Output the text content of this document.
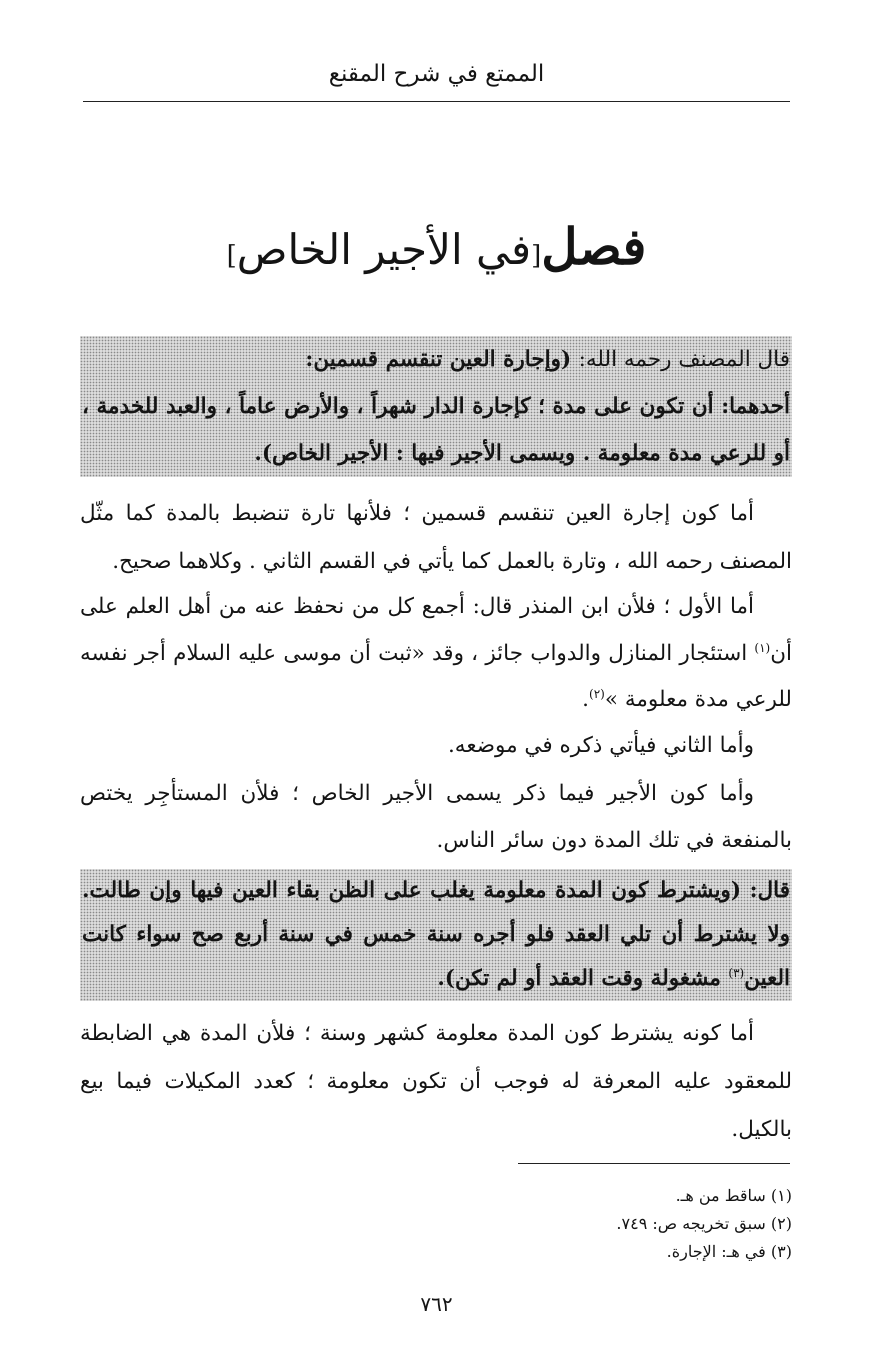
الممتع في شرح المقنع
فصل[في الأجير الخاص]

قال المصنف رحمه الله: (وإجارة العين تنقسم قسمين:

أحدهما: أن تكون على مدة ؛ كإجارة الدار شهراً ، والأرض عاماً ، والعبد للخدمة ، أو للرعي مدة معلومة . ويسمى الأجير فيها : الأجير الخاص).

أما كون إجارة العين تنقسم قسمين ؛ فلأنها تارة تنضبط بالمدة كما مثّل المصنف رحمه الله ، وتارة بالعمل كما يأتي في القسم الثاني . وكلاهما صحيح.

أما الأول ؛ فلأن ابن المنذر قال: أجمع كل من نحفظ عنه من أهل العلم على أن$^{(١)}$ استئجار المنازل والدواب جائز ، وقد «ثبت أن موسى عليه السلام أجر نفسه للرعي مدة معلومة »$^{(٢)}$.

وأما الثاني فيأتي ذكره في موضعه.

وأما كون الأجير فيما ذكر يسمى الأجير الخاص ؛ فلأن المستأجِر يختص بالمنفعة في تلك المدة دون سائر الناس.

قال: (ويشترط كون المدة معلومة يغلب على الظن بقاء العين فيها وإن طالت. ولا يشترط أن تلي العقد فلو أجره سنة خمس في سنة أربع صح سواء كانت العين$^{(٣)}$ مشغولة وقت العقد أو لم تكن).

أما كونه يشترط كون المدة معلومة كشهر وسنة ؛ فلأن المدة هي الضابطة للمعقود عليه المعرفة له فوجب أن تكون معلومة ؛ كعدد المكيلات فيما بيع بالكيل.

(١) ساقط من هـ.
(٢) سبق تخريجه ص: ٧٤٩.
(٣) في هـ: الإجارة.
٧٦٢
